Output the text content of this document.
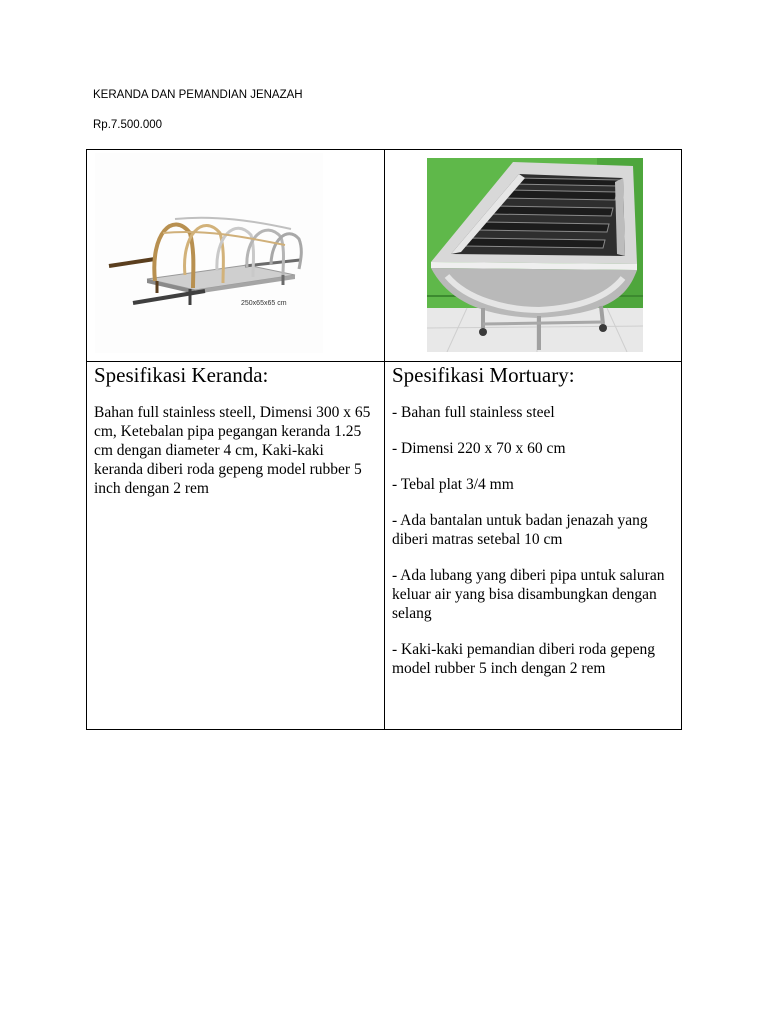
KERANDA DAN PEMANDIAN JENAZAH
Rp.7.500.000
250x65x65 cm
Spesifikasi Keranda:	Spesifikasi Mortuary:
Bahan full stainless steell, Dimensi 300 x 65 cm, Ketebalan pipa pegangan keranda 1.25 cm dengan diameter 4 cm, Kaki-kaki keranda diberi roda gepeng model rubber 5 inch dengan 2 rem
- Bahan full stainless steel
- Dimensi 220 x 70 x 60 cm
- Tebal plat 3/4 mm
- Ada bantalan untuk badan jenazah yang diberi matras setebal 10 cm
- Ada lubang yang diberi pipa untuk saluran keluar air yang bisa disambungkan dengan selang
- Kaki-kaki pemandian diberi roda gepeng model rubber 5 inch dengan 2 rem
